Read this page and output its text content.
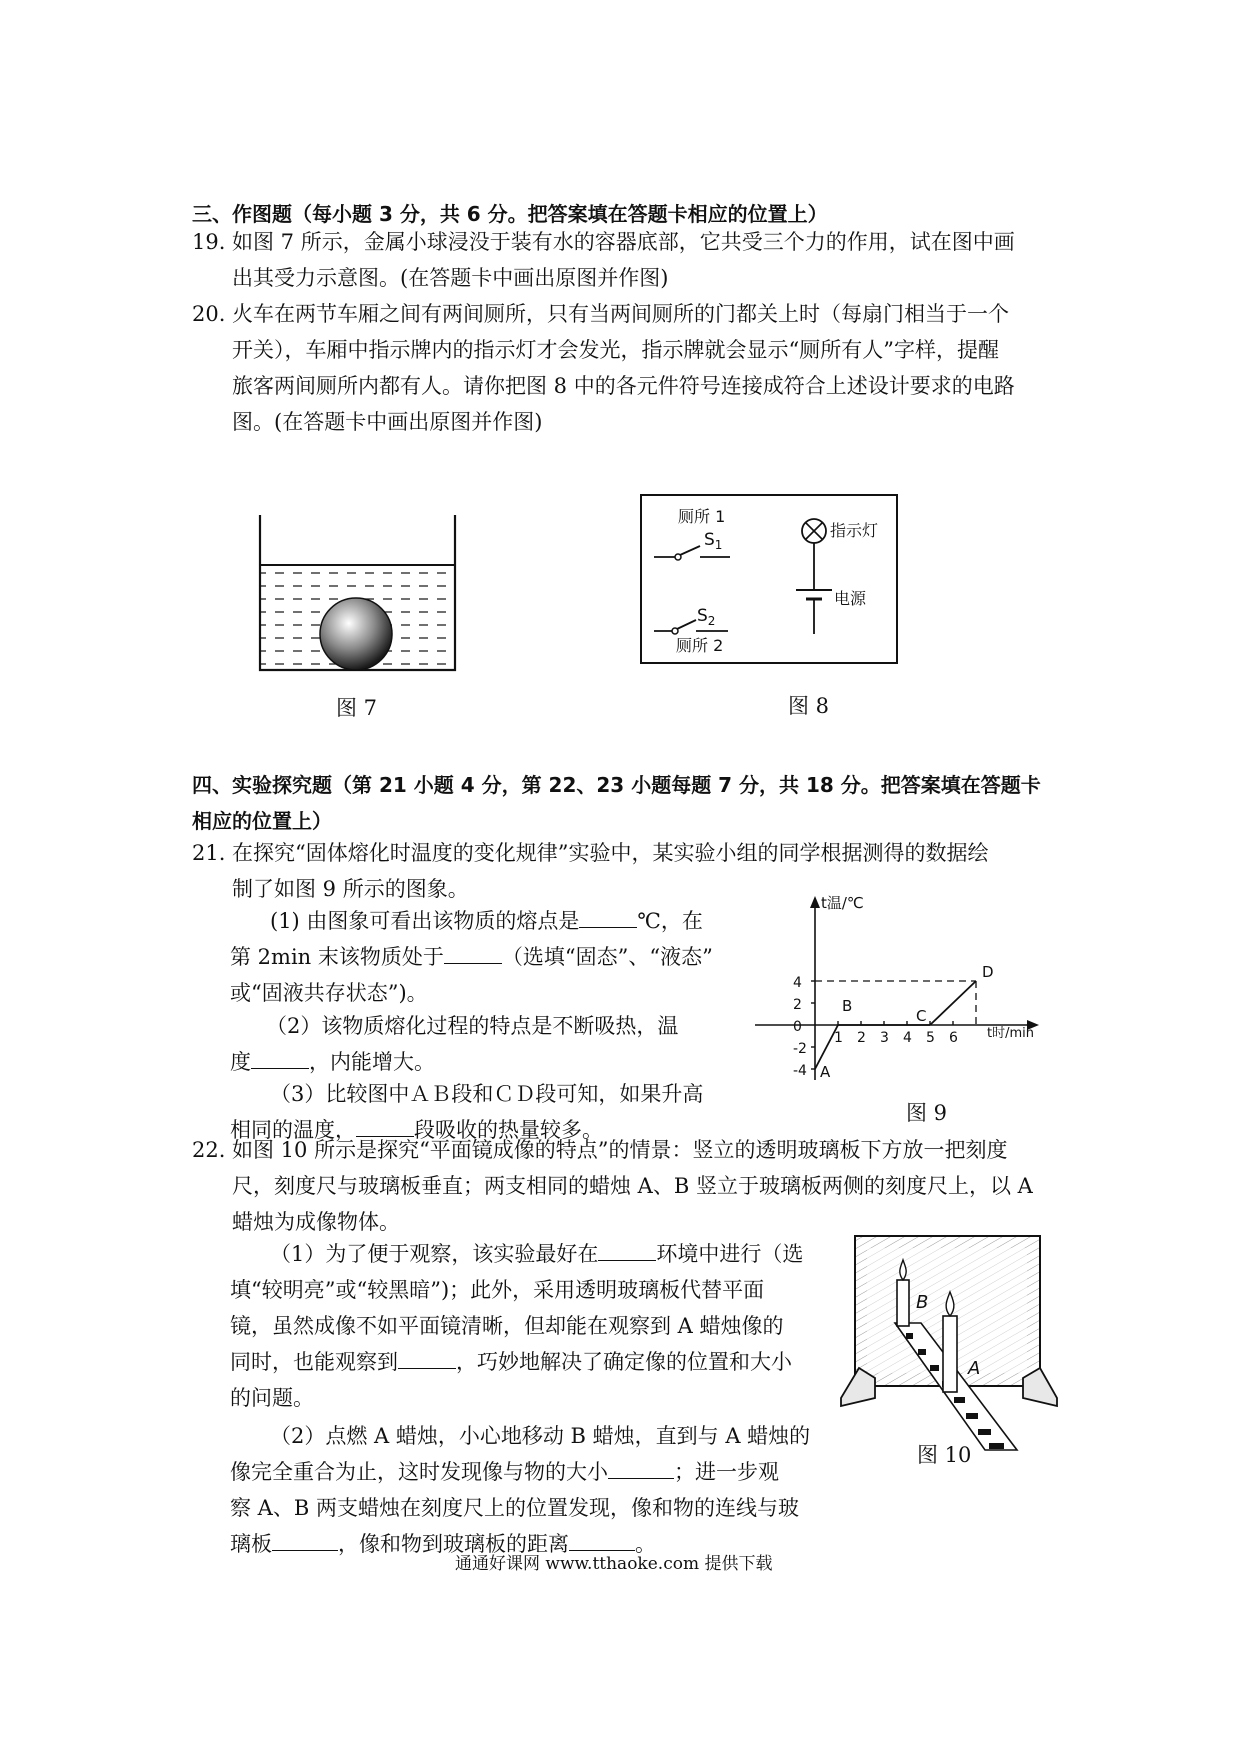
三、作图题（每小题 3 分，共 6 分。把答案填在答题卡相应的位置上）
19. 如图 7 所示，金属小球浸没于装有水的容器底部，它共受三个力的作用，试在图中画
出其受力示意图。(在答题卡中画出原图并作图)
20. 火车在两节车厢之间有两间厕所，只有当两间厕所的门都关上时（每扇门相当于一个
开关），车厢中指示牌内的指示灯才会发光，指示牌就会显示“厕所有人”字样，提醒
旅客两间厕所内都有人。请你把图 8 中的各元件符号连接成符合上述设计要求的电路
图。(在答题卡中画出原图并作图)
图 7
厕所 1
$S_1$
$S_2$
厕所 2
指示灯
电源
图 8
四、实验探究题（第 21 小题 4 分，第 22、23 小题每题 7 分，共 18 分。把答案填在答题卡
相应的位置上）
21. 在探究“固体熔化时温度的变化规律”实验中，某实验小组的同学根据测得的数据绘
制了如图 9 所示的图象。
(1) 由图象可看出该物质的熔点是	℃，在
第 2min 末该物质处于	（选填“固态”、“液态”
或“固液共存状态”)。
（2）该物质熔化过程的特点是不断吸热，温
度	，内能增大。
（3）比较图中ＡＢ段和ＣＤ段可知，如果升高
相同的温度，	段吸收的热量较多。
t温/℃
t时/min
4
2
0
-2
-4
1 2 3 4 5 6
A
B
C
D
图 9
22. 如图 10 所示是探究“平面镜成像的特点”的情景：竖立的透明玻璃板下方放一把刻度
尺，刻度尺与玻璃板垂直；两支相同的蜡烛 A、B 竖立于玻璃板两侧的刻度尺上，以 A
蜡烛为成像物体。
（1）为了便于观察，该实验最好在	环境中进行（选
填“较明亮”或“较黑暗”)；此外，采用透明玻璃板代替平面
镜，虽然成像不如平面镜清晰，但却能在观察到 A 蜡烛像的
同时，也能观察到	，巧妙地解决了确定像的位置和大小
的问题。
（2）点燃 A 蜡烛，小心地移动 B 蜡烛，直到与 A 蜡烛的
像完全重合为止，这时发现像与物的大小	；进一步观
察 A、B 两支蜡烛在刻度尺上的位置发现，像和物的连线与玻
璃板	，像和物到玻璃板的距离	。
B
A
图 10
通通好课网 www.tthaoke.com 提供下载
